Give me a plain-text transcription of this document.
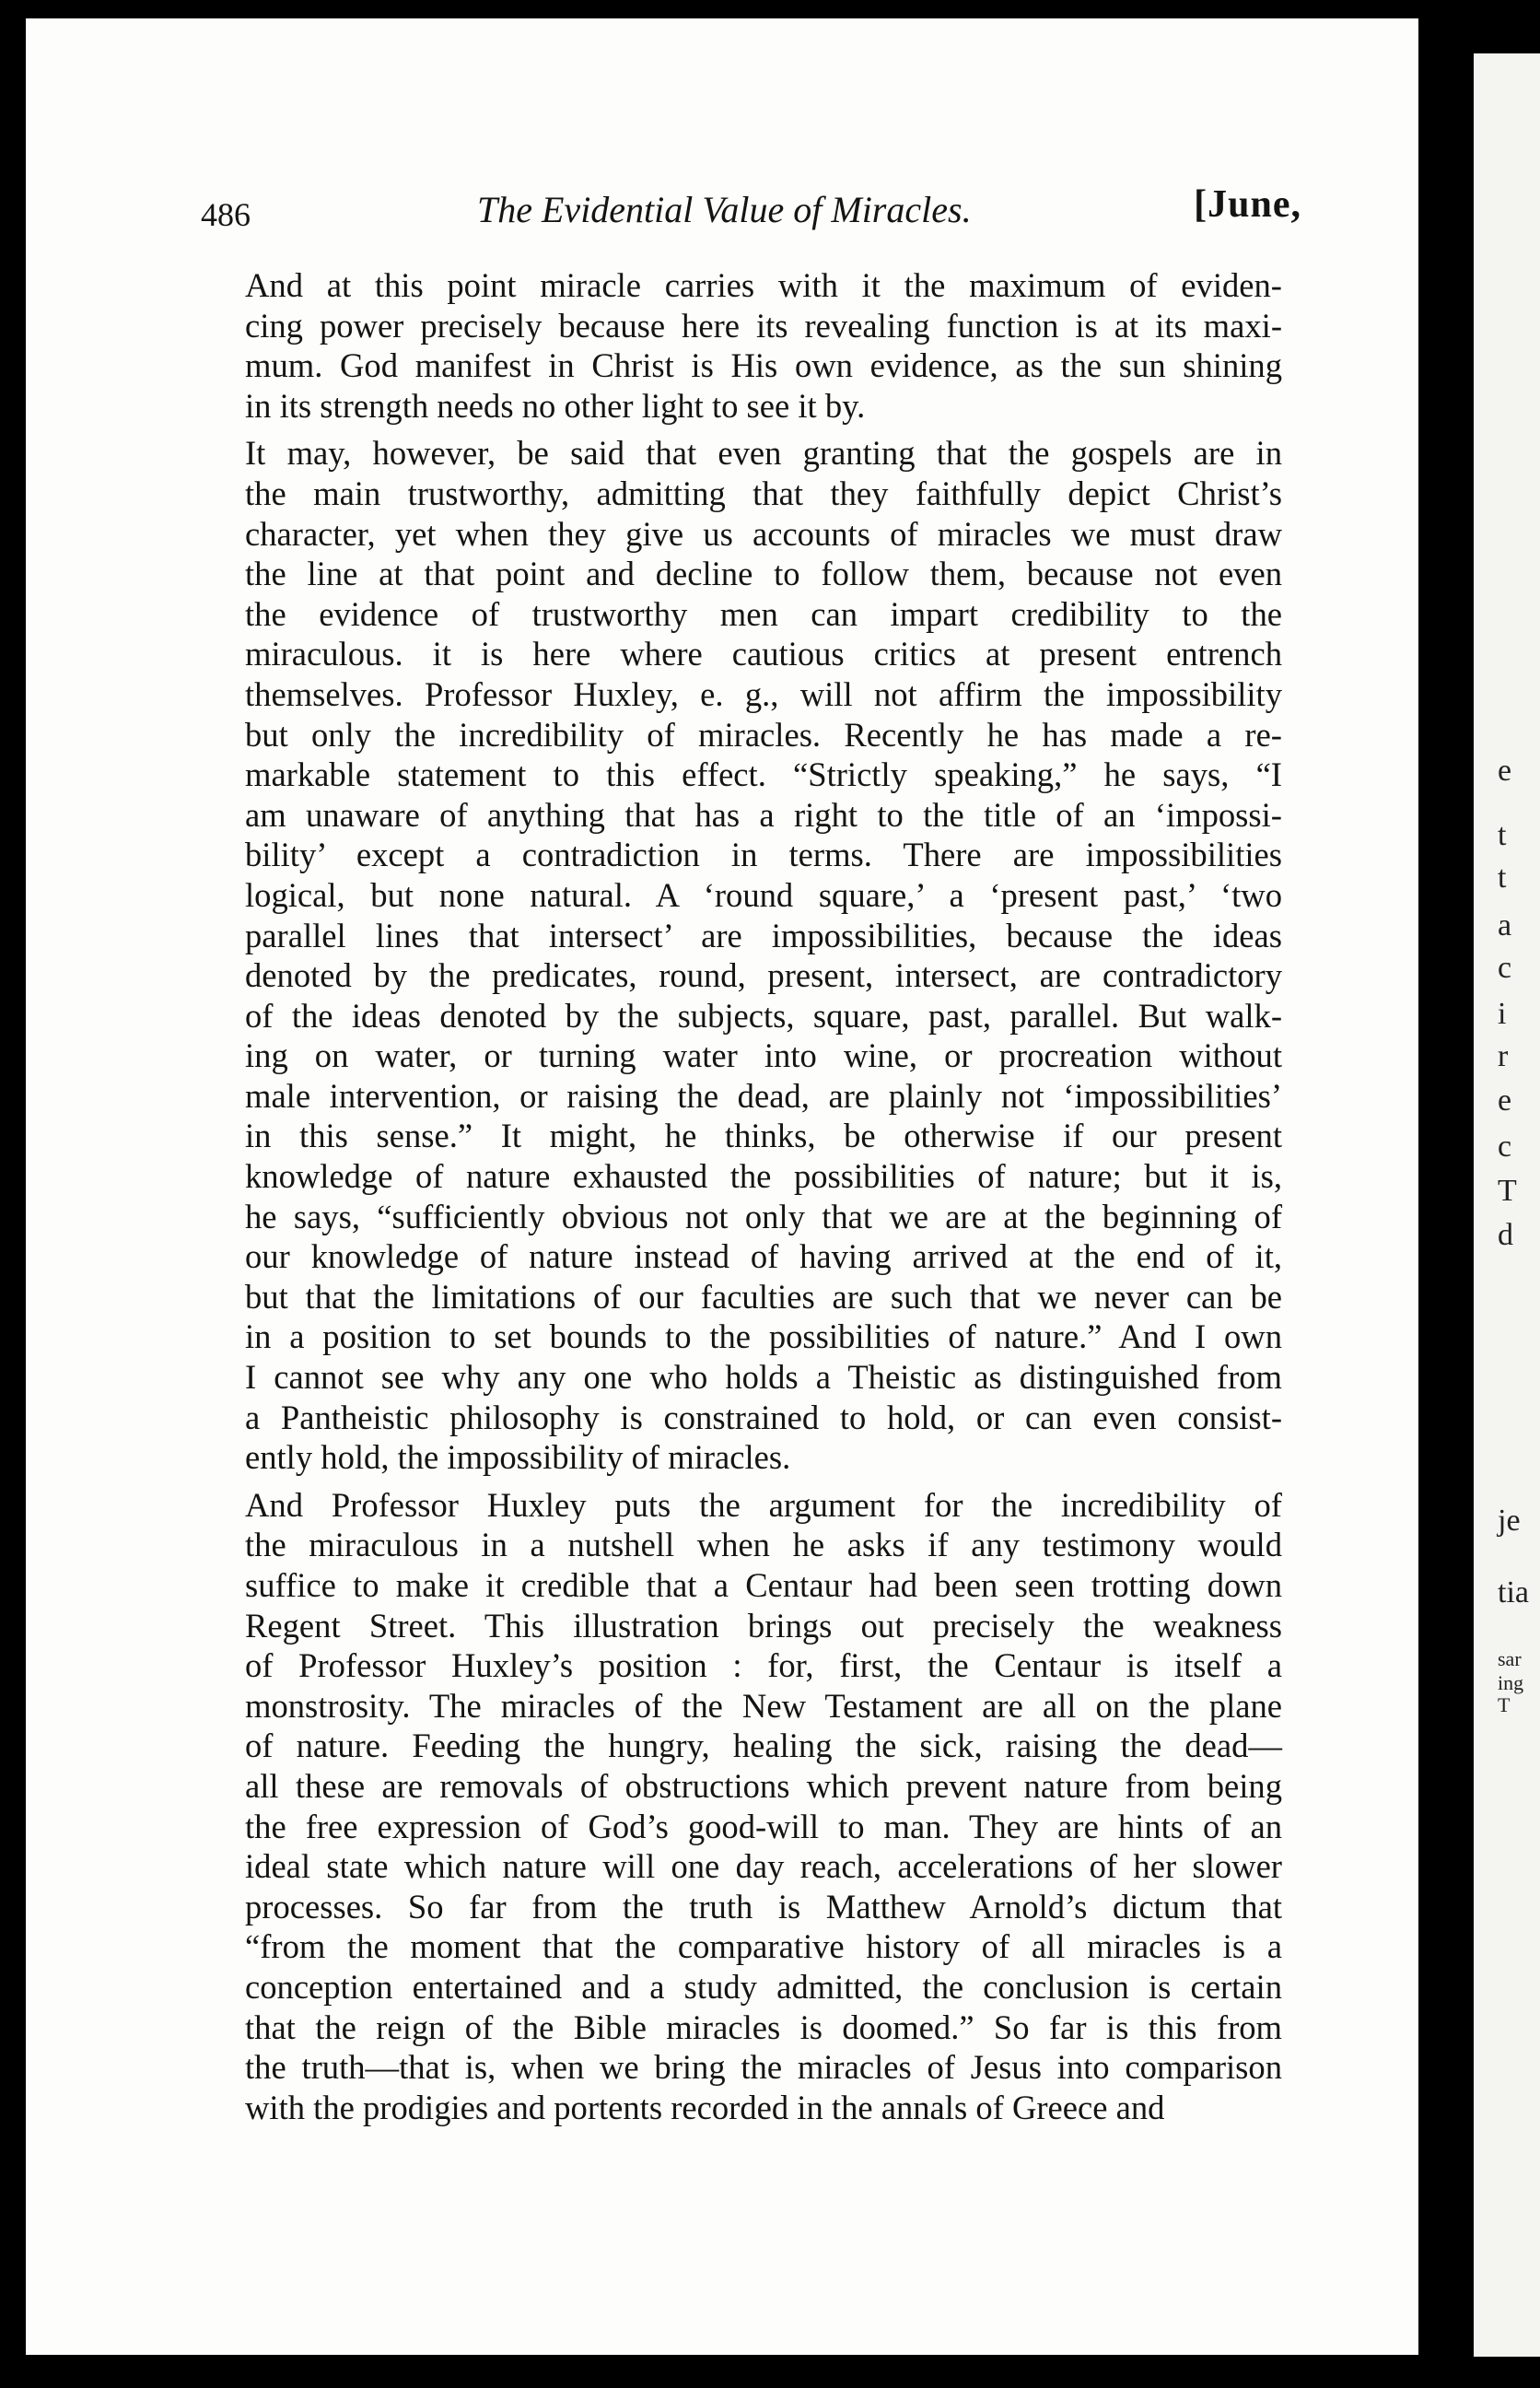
e
t
t
a
c
i
r
e
c
T
d
je
tia
sar
ing
T
486	The Evidential Value of Miracles.	[June,

And at this point miracle carries with it the maximum of eviden-
cing power precisely because here its revealing function is at its maxi-
mum. God manifest in Christ is His own evidence, as the sun shining
in its strength needs no other light to see it by.

It may, however, be said that even granting that the gospels are in
the main trustworthy, admitting that they faithfully depict Christ’s
character, yet when they give us accounts of miracles we must draw
the line at that point and decline to follow them, because not even
the evidence of trustworthy men can impart credibility to the
miraculous. it is here where cautious critics at present entrench
themselves. Professor Huxley, e. g., will not affirm the impossibility
but only the incredibility of miracles. Recently he has made a re-
markable statement to this effect. “Strictly speaking,” he says, “I
am unaware of anything that has a right to the title of an ‘impossi-
bility’ except a contradiction in terms. There are impossibilities
logical, but none natural. A ‘round square,’ a ‘present past,’ ‘two
parallel lines that intersect’ are impossibilities, because the ideas
denoted by the predicates, round, present, intersect, are contradictory
of the ideas denoted by the subjects, square, past, parallel. But walk-
ing on water, or turning water into wine, or procreation without
male intervention, or raising the dead, are plainly not ‘impossibilities’
in this sense.” It might, he thinks, be otherwise if our present
knowledge of nature exhausted the possibilities of nature; but it is,
he says, “sufficiently obvious not only that we are at the beginning of
our knowledge of nature instead of having arrived at the end of it,
but that the limitations of our faculties are such that we never can be
in a position to set bounds to the possibilities of nature.” And I own
I cannot see why any one who holds a Theistic as distinguished from
a Pantheistic philosophy is constrained to hold, or can even consist-
ently hold, the impossibility of miracles.

And Professor Huxley puts the argument for the incredibility of
the miraculous in a nutshell when he asks if any testimony would
suffice to make it credible that a Centaur had been seen trotting down
Regent Street. This illustration brings out precisely the weakness
of Professor Huxley’s position : for, first, the Centaur is itself a
monstrosity. The miracles of the New Testament are all on the plane
of nature. Feeding the hungry, healing the sick, raising the dead—
all these are removals of obstructions which prevent nature from being
the free expression of God’s good-will to man. They are hints of an
ideal state which nature will one day reach, accelerations of her slower
processes. So far from the truth is Matthew Arnold’s dictum that
“from the moment that the comparative history of all miracles is a
conception entertained and a study admitted, the conclusion is certain
that the reign of the Bible miracles is doomed.” So far is this from
the truth—that is, when we bring the miracles of Jesus into comparison
with the prodigies and portents recorded in the annals of Greece and
